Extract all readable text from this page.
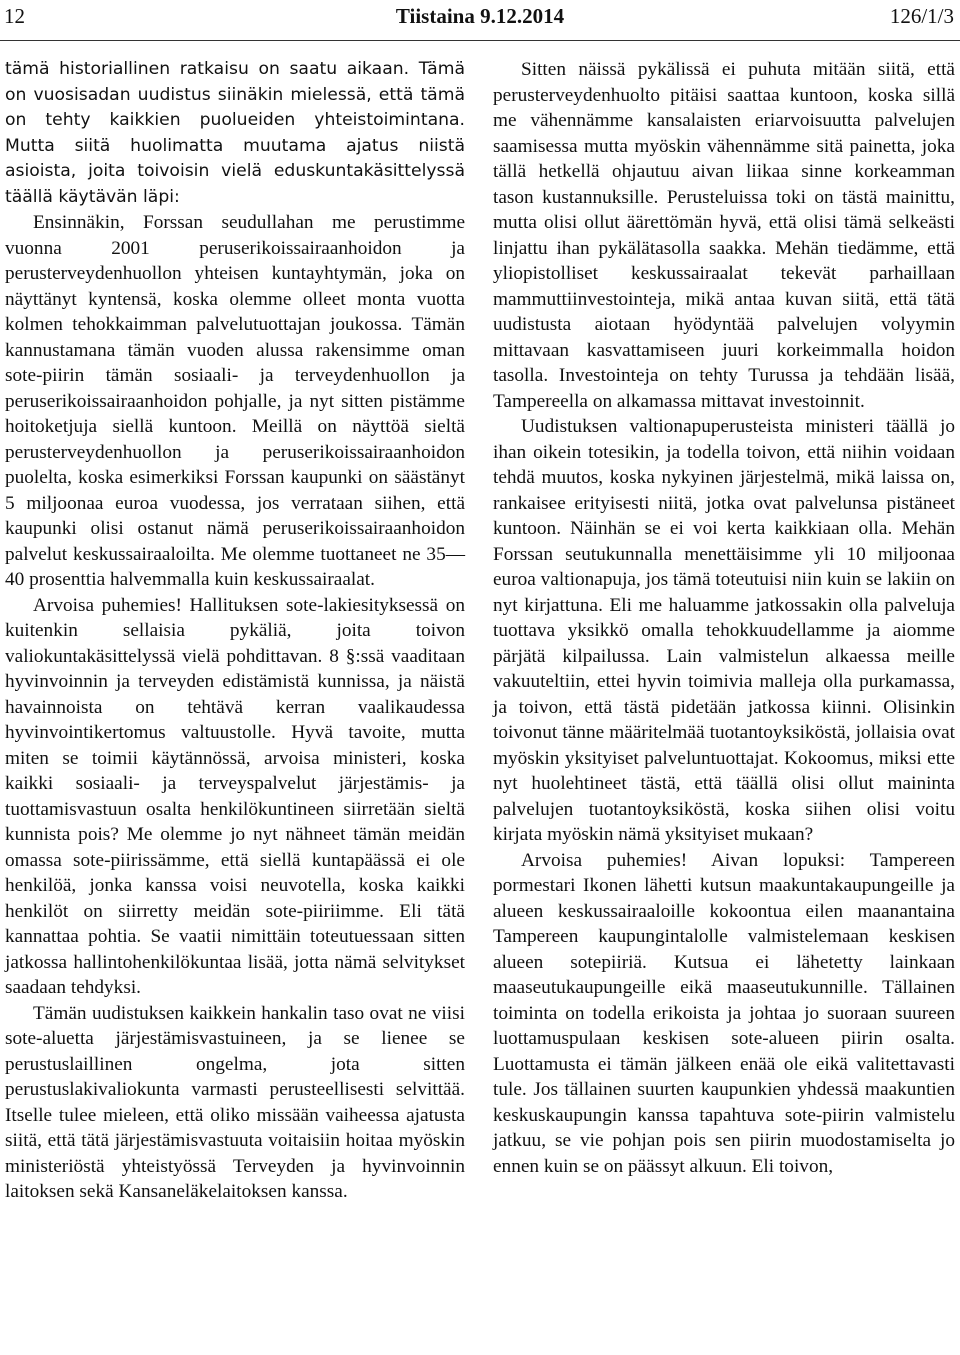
12	Tiistaina 9.12.2014	126/1/3

tämä historiallinen ratkaisu on saatu aikaan. Tämä on vuosisadan uudistus siinäkin mielessä, että tämä on tehty kaikkien puolueiden yhteistoimintana. Mutta siitä huolimatta muutama ajatus niistä asioista, joita toivoisin vielä eduskuntakäsittelyssä täällä käytävän läpi:

Ensinnäkin, Forssan seudullahan me perustimme vuonna 2001 peruserikoissairaanhoidon ja perusterveydenhuollon yhteisen kuntayhtymän, joka on näyttänyt kyntensä, koska olemme olleet monta vuotta kolmen tehokkaimman palvelutuottajan joukossa. Tämän kannustamana tämän vuoden alussa rakensimme oman sote-piirin tämän sosiaali- ja terveydenhuollon ja peruserikoissairaanhoidon pohjalle, ja nyt sitten pistämme hoitoketjuja siellä kuntoon. Meillä on näyttöä sieltä perusterveydenhuollon ja peruserikoissairaanhoidon puolelta, koska esimerkiksi Forssan kaupunki on säästänyt 5 miljoonaa euroa vuodessa, jos verrataan siihen, että kaupunki olisi ostanut nämä peruserikoissairaanhoidon palvelut keskussairaaloilta. Me olemme tuottaneet ne 35—40 prosenttia halvemmalla kuin keskussairaalat.

Arvoisa puhemies! Hallituksen sote-lakiesityksessä on kuitenkin sellaisia pykäliä, joita toivon valiokuntakäsittelyssä vielä pohdittavan. 8 §:ssä vaaditaan hyvinvoinnin ja terveyden edistämistä kunnissa, ja näistä havainnoista on tehtävä kerran vaalikaudessa hyvinvointikertomus valtuustolle. Hyvä tavoite, mutta miten se toimii käytännössä, arvoisa ministeri, koska kaikki sosiaali- ja terveyspalvelut järjestämis- ja tuottamisvastuun osalta henkilökuntineen siirretään sieltä kunnista pois? Me olemme jo nyt nähneet tämän meidän omassa sote-piirissämme, että siellä kuntapäässä ei ole henkilöä, jonka kanssa voisi neuvotella, koska kaikki henkilöt on siirretty meidän sote-piiriimme. Eli tätä kannattaa pohtia. Se vaatii nimittäin toteutuessaan sitten jatkossa hallintohenkilökuntaa lisää, jotta nämä selvitykset saadaan tehdyksi.

Tämän uudistuksen kaikkein hankalin taso ovat ne viisi sote-aluetta järjestämisvastuineen, ja se lienee se perustuslaillinen ongelma, jota sitten perustuslakivaliokunta varmasti perusteellisesti selvittää. Itselle tulee mieleen, että oliko missään vaiheessa ajatusta siitä, että tätä järjestämisvastuuta voitaisiin hoitaa myöskin ministeriöstä yhteistyössä Terveyden ja hyvinvoinnin laitoksen sekä Kansaneläkelaitoksen kanssa.

Sitten näissä pykälissä ei puhuta mitään siitä, että perusterveydenhuolto pitäisi saattaa kuntoon, koska sillä me vähennämme kansalaisten eriarvoisuutta palvelujen saamisessa mutta myöskin vähennämme sitä painetta, joka tällä hetkellä ohjautuu aivan liikaa sinne korkeamman tason kustannuksille. Perusteluissa toki on tästä mainittu, mutta olisi ollut äärettömän hyvä, että olisi tämä selkeästi linjattu ihan pykälätasolla saakka. Mehän tiedämme, että yliopistolliset keskussairaalat tekevät parhaillaan mammuttiinvestointeja, mikä antaa kuvan siitä, että tätä uudistusta aiotaan hyödyntää palvelujen volyymin mittavaan kasvattamiseen juuri korkeimmalla hoidon tasolla. Investointeja on tehty Turussa ja tehdään lisää, Tampereella on alkamassa mittavat investoinnit.

Uudistuksen valtionapuperusteista ministeri täällä jo ihan oikein totesikin, ja todella toivon, että niihin voidaan tehdä muutos, koska nykyinen järjestelmä, mikä laissa on, rankaisee erityisesti niitä, jotka ovat palvelunsa pistäneet kuntoon. Näinhän se ei voi kerta kaikkiaan olla. Mehän Forssan seutukunnalla menettäisimme yli 10 miljoonaa euroa valtionapuja, jos tämä toteutuisi niin kuin se lakiin on nyt kirjattuna. Eli me haluamme jatkossakin olla palveluja tuottava yksikkö omalla tehokkuudellamme ja aiomme pärjätä kilpailussa. Lain valmistelun alkaessa meille vakuuteltiin, ettei hyvin toimivia malleja olla purkamassa, ja toivon, että tästä pidetään jatkossa kiinni. Olisinkin toivonut tänne määritelmää tuotantoyksiköstä, jollaisia ovat myöskin yksityiset palveluntuottajat. Kokoomus, miksi ette nyt huolehtineet tästä, että täällä olisi ollut maininta palvelujen tuotantoyksiköstä, koska siihen olisi voitu kirjata myöskin nämä yksityiset mukaan?

Arvoisa puhemies! Aivan lopuksi: Tampereen pormestari Ikonen lähetti kutsun maakuntakaupungeille ja alueen keskussairaaloille kokoontua eilen maanantaina Tampereen kaupungintalolle valmistelemaan keskisen alueen sotepiiriä. Kutsua ei lähetetty lainkaan maaseutukaupungeille eikä maaseutukunnille. Tällainen toiminta on todella erikoista ja johtaa jo suoraan suureen luottamuspulaan keskisen sote-alueen piirin osalta. Luottamusta ei tämän jälkeen enää ole eikä valitettavasti tule. Jos tällainen suurten kaupunkien yhdessä maakuntien keskuskaupungin kanssa tapahtuva sote-piirin valmistelu jatkuu, se vie pohjan pois sen piirin muodostamiselta jo ennen kuin se on päässyt alkuun. Eli toivon,
